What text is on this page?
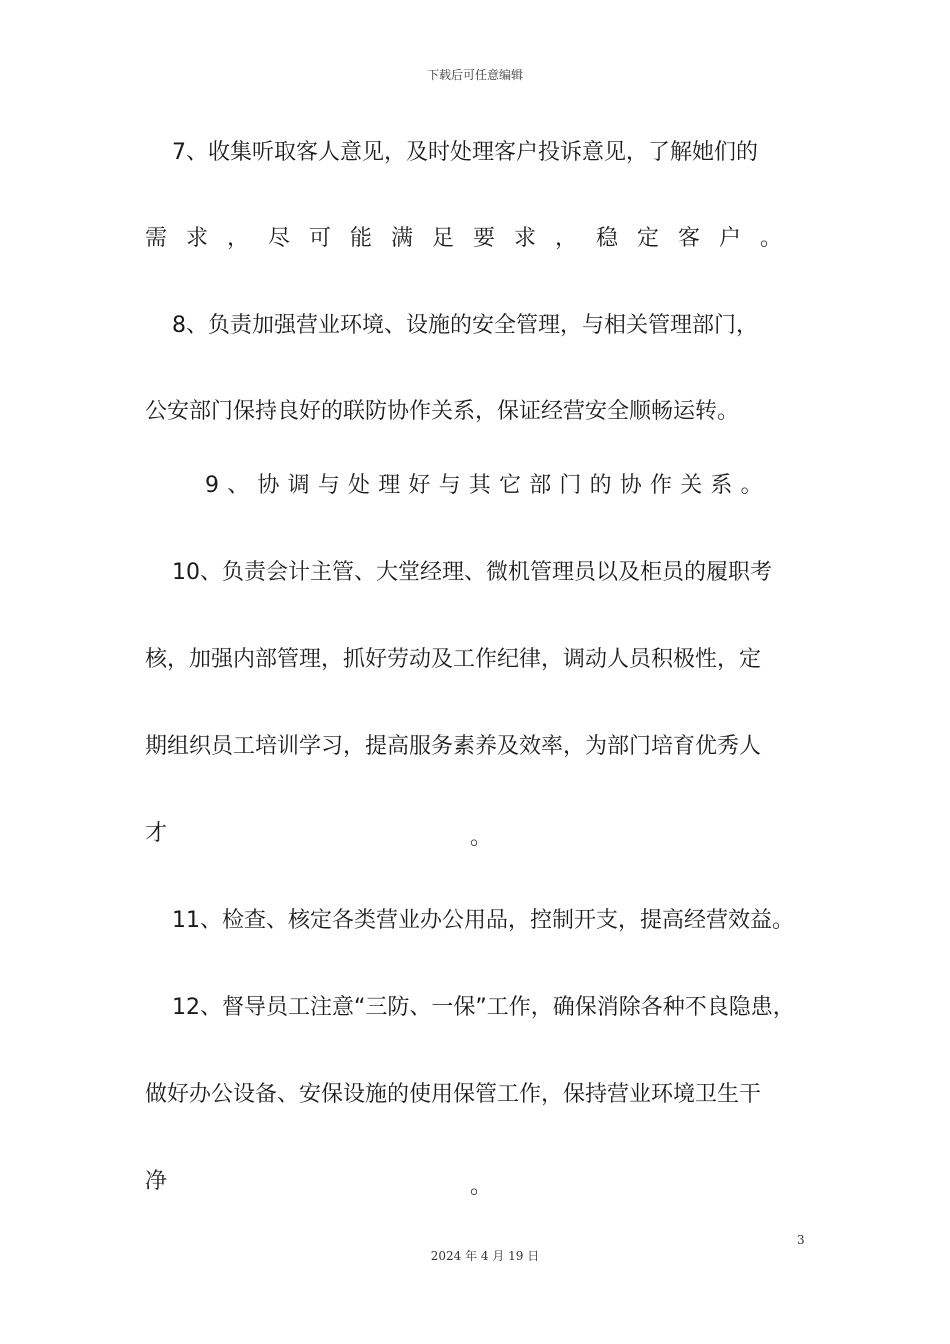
下载后可任意编辑
7、收集听取客人意见，及时处理客户投诉意见，了解她们的
需求，尽可能满足要求，稳定客户。
8、负责加强营业环境、设施的安全管理，与相关管理部门，
公安部门保持良好的联防协作关系，保证经营安全顺畅运转。
9、协调与处理好与其它部门的协作关系。
10、负责会计主管、大堂经理、微机管理员以及柜员的履职考
核，加强内部管理，抓好劳动及工作纪律，调动人员积极性，定
期组织员工培训学习，提高服务素养及效率，为部门培育优秀人
才	。
11、检查、核定各类营业办公用品，控制开支，提高经营效益。
12、督导员工注意“三防、一保”工作，确保消除各种不良隐患，
做好办公设备、安保设施的使用保管工作，保持营业环境卫生干
净	。
3
2024 年 4 月 19 日
